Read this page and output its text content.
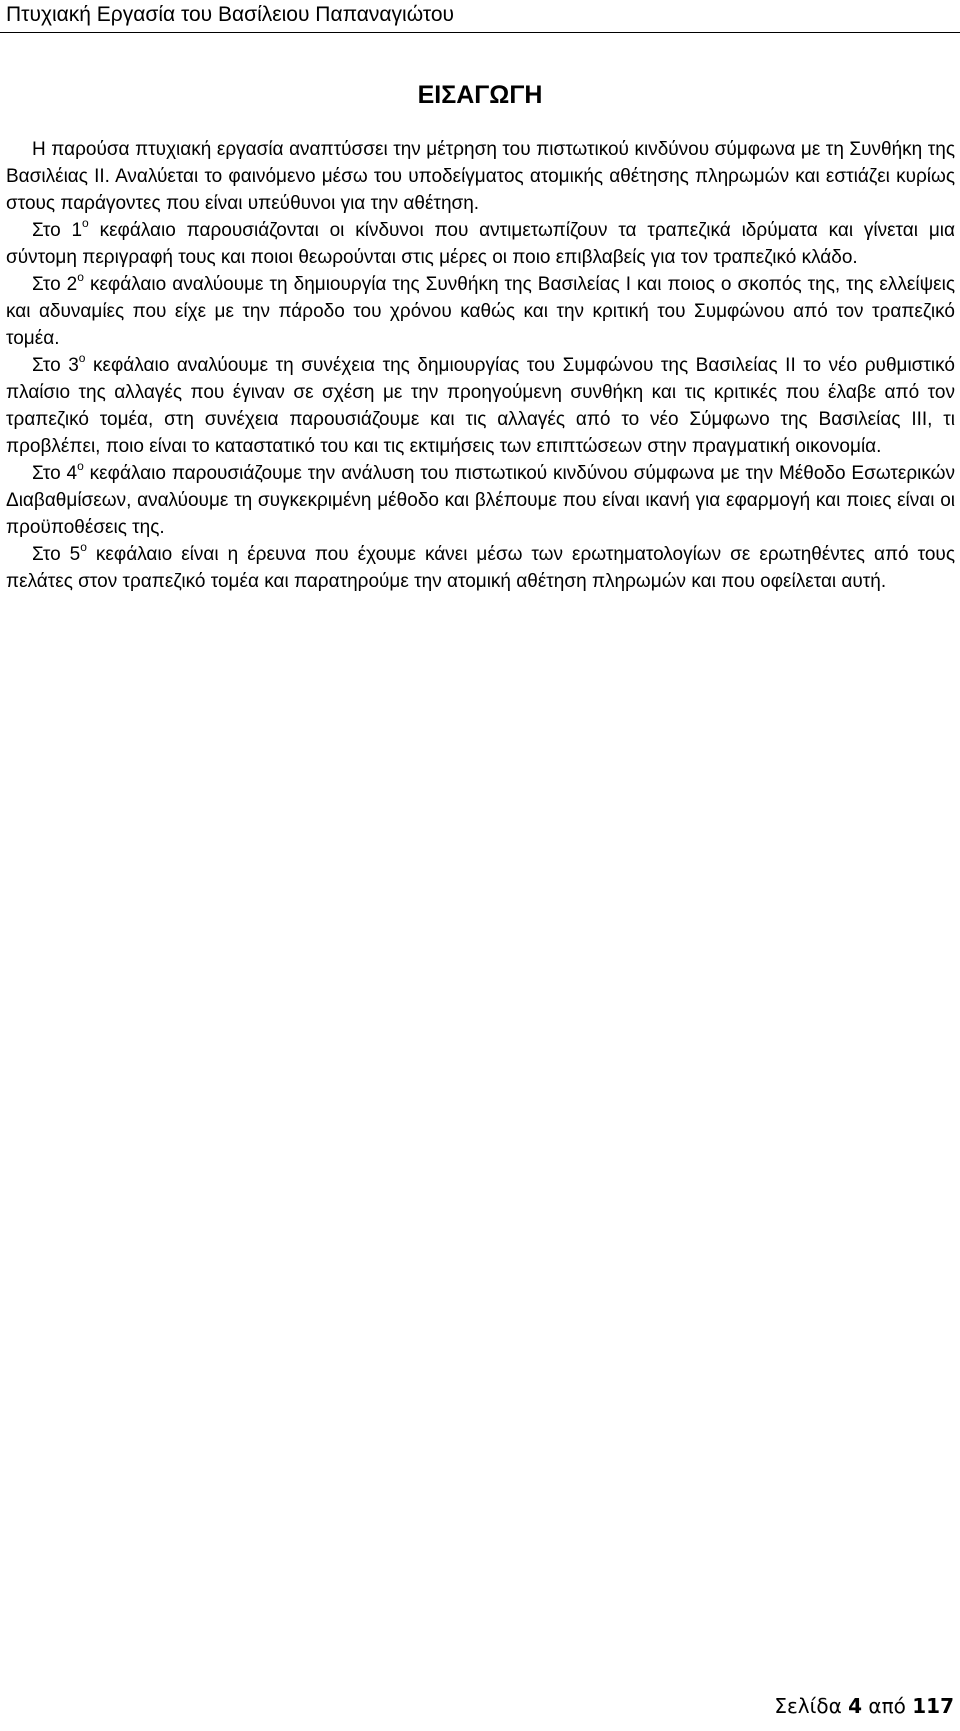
Πτυχιακή Εργασία του Βασίλειου Παπαναγιώτου
ΕΙΣΑΓΩΓΗ

Η παρούσα πτυχιακή εργασία αναπτύσσει την μέτρηση του πιστωτικού κινδύνου σύμφωνα με τη Συνθήκη της Βασιλέιας ΙΙ. Αναλύεται το φαινόμενο μέσω του υποδείγματος ατομικής αθέτησης πληρωμών και εστιάζει κυρίως στους παράγοντες που είναι υπεύθυνοι για την αθέτηση.

Στο $1^o$ κεφάλαιο παρουσιάζονται οι κίνδυνοι που αντιμετωπίζουν τα τραπεζικά ιδρύματα και γίνεται μια σύντομη περιγραφή τους και ποιοι θεωρούνται στις μέρες οι ποιο επιβλαβείς για τον τραπεζικό κλάδο.

Στο $2^o$ κεφάλαιο αναλύουμε τη δημιουργία της Συνθήκη της Βασιλείας Ι και ποιος ο σκοπός της, της ελλείψεις και αδυναμίες που είχε με την πάροδο του χρόνου καθώς και την κριτική του Συμφώνου από τον τραπεζικό τομέα.

Στο $3^o$ κεφάλαιο αναλύουμε τη συνέχεια της δημιουργίας του Συμφώνου της Βασιλείας ΙΙ το νέο ρυθμιστικό πλαίσιο της αλλαγές που έγιναν σε σχέση με την προηγούμενη συνθήκη και τις κριτικές που έλαβε από τον τραπεζικό τομέα, στη συνέχεια παρουσιάζουμε και τις αλλαγές από το νέο Σύμφωνο της Βασιλείας ΙΙΙ, τι προβλέπει, ποιο είναι το καταστατικό του και τις εκτιμήσεις των επιπτώσεων στην πραγματική οικονομία.

Στο $4^o$ κεφάλαιο παρουσιάζουμε την ανάλυση του πιστωτικού κινδύνου σύμφωνα με την Μέθοδο Εσωτερικών Διαβαθμίσεων, αναλύουμε τη συγκεκριμένη μέθοδο και βλέπουμε που είναι ικανή για εφαρμογή και ποιες είναι οι προϋποθέσεις της.

Στο $5^o$ κεφάλαιο είναι η έρευνα που έχουμε κάνει μέσω των ερωτηματολογίων σε ερωτηθέντες από τους πελάτες στον τραπεζικό τομέα και παρατηρούμε την ατομική αθέτηση πληρωμών και που οφείλεται αυτή.

Σελίδα 4 από 117
